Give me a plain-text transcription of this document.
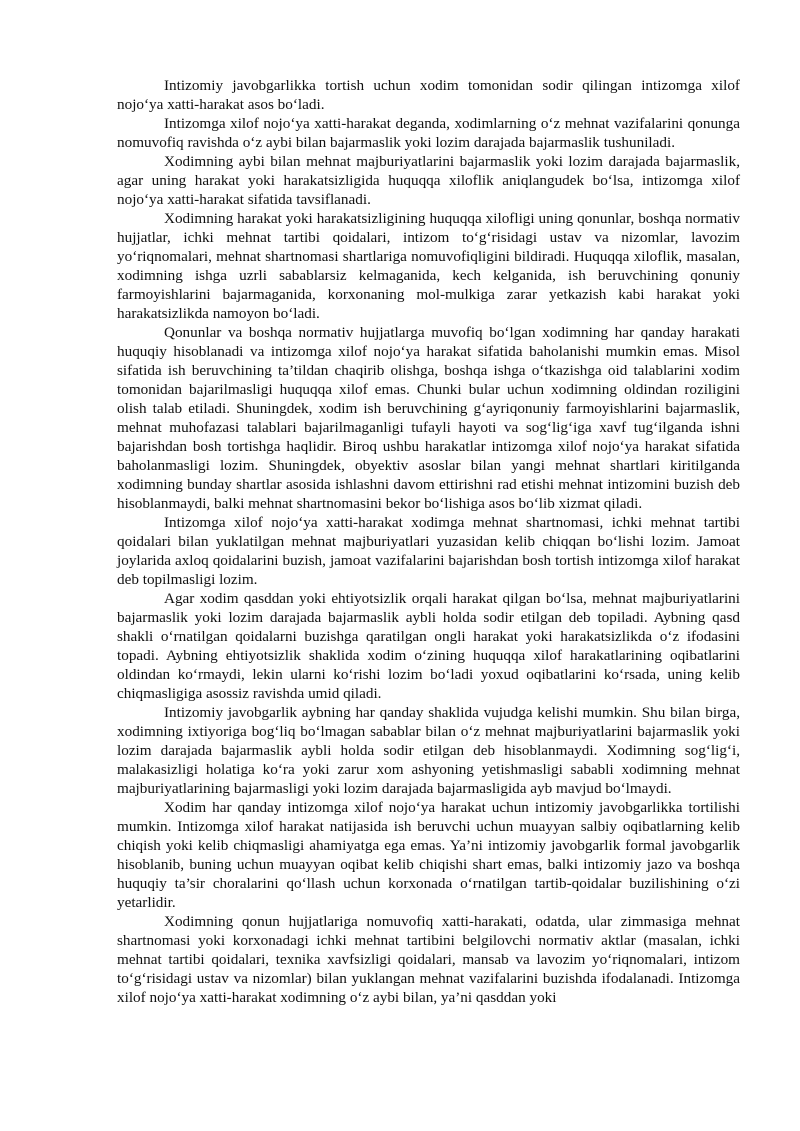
Intizomiy javobgarlikka tortish uchun xodim tomonidan sodir qilingan intizomga xilof nojo‘ya xatti-harakat asos bo‘ladi.

Intizomga xilof nojo‘ya xatti-harakat deganda, xodimlarning o‘z mehnat vazifalarini qonunga nomuvofiq ravishda o‘z aybi bilan bajarmaslik yoki lozim darajada bajarmaslik tushuniladi.

Xodimning aybi bilan mehnat majburiyatlarini bajarmaslik yoki lozim darajada bajarmaslik, agar uning harakat yoki harakatsizligida huquqqa xiloflik aniqlangudek bo‘lsa, intizomga xilof nojo‘ya xatti-harakat sifatida tavsiflanadi.

Xodimning harakat yoki harakatsizligining huquqqa xilofligi uning qonunlar, boshqa normativ hujjatlar, ichki mehnat tartibi qoidalari, intizom to‘g‘risidagi ustav va nizomlar, lavozim yo‘riqnomalari, mehnat shartnomasi shartlariga nomuvofiqligini bildiradi. Huquqqa xiloflik, masalan, xodimning ishga uzrli sabablarsiz kelmaganida, kech kelganida, ish beruvchining qonuniy farmoyishlarini bajarmaganida, korxonaning mol-mulkiga zarar yetkazish kabi harakat yoki harakatsizlikda namoyon bo‘ladi.

Qonunlar va boshqa normativ hujjatlarga muvofiq bo‘lgan xodimning har qanday harakati huquqiy hisoblanadi va intizomga xilof nojo‘ya harakat sifatida baholanishi mumkin emas. Misol sifatida ish beruvchining ta’tildan chaqirib olishga, boshqa ishga o‘tkazishga oid talablarini xodim tomonidan bajarilmasligi huquqqa xilof emas. Chunki bular uchun xodimning oldindan roziligini olish talab etiladi. Shuningdek, xodim ish beruvchining g‘ayriqonuniy farmoyishlarini bajarmaslik, mehnat muhofazasi talablari bajarilmaganligi tufayli hayoti va sog‘lig‘iga xavf tug‘ilganda ishni bajarishdan bosh tortishga haqlidir. Biroq ushbu harakatlar intizomga xilof nojo‘ya harakat sifatida baholanmasligi lozim. Shuningdek, obyektiv asoslar bilan yangi mehnat shartlari kiritilganda xodimning bunday shartlar asosida ishlashni davom ettirishni rad etishi mehnat intizomini buzish deb hisoblanmaydi, balki mehnat shartnomasini bekor bo‘lishiga asos bo‘lib xizmat qiladi.

Intizomga xilof nojo‘ya xatti-harakat xodimga mehnat shartnomasi, ichki mehnat tartibi qoidalari bilan yuklatilgan mehnat majburiyatlari yuzasidan kelib chiqqan bo‘lishi lozim. Jamoat joylarida axloq qoidalarini buzish, jamoat vazifalarini bajarishdan bosh tortish intizomga xilof harakat deb topilmasligi lozim.

Agar xodim qasddan yoki ehtiyotsizlik orqali harakat qilgan bo‘lsa, mehnat majburiyatlarini bajarmaslik yoki lozim darajada bajarmaslik aybli holda sodir etilgan deb topiladi. Aybning qasd shakli o‘rnatilgan qoidalarni buzishga qaratilgan ongli harakat yoki harakatsizlikda o‘z ifodasini topadi. Aybning ehtiyotsizlik shaklida xodim o‘zining huquqqa xilof harakatlarining oqibatlarini oldindan ko‘rmaydi, lekin ularni ko‘rishi lozim bo‘ladi yoxud oqibatlarini ko‘rsada, uning kelib chiqmasligiga asossiz ravishda umid qiladi.

Intizomiy javobgarlik aybning har qanday shaklida vujudga kelishi mumkin. Shu bilan birga, xodimning ixtiyoriga bog‘liq bo‘lmagan sabablar bilan o‘z mehnat majburiyatlarini bajarmaslik yoki lozim darajada bajarmaslik aybli holda sodir etilgan deb hisoblanmaydi. Xodimning sog‘lig‘i, malakasizligi holatiga ko‘ra yoki zarur xom ashyoning yetishmasligi sababli xodimning mehnat majburiyatlarining bajarmasligi yoki lozim darajada bajarmasligida ayb mavjud bo‘lmaydi.

Xodim har qanday intizomga xilof nojo‘ya harakat uchun intizomiy javobgarlikka tortilishi mumkin. Intizomga xilof harakat natijasida ish beruvchi uchun muayyan salbiy oqibatlarning kelib chiqish yoki kelib chiqmasligi ahamiyatga ega emas. Ya’ni intizomiy javobgarlik formal javobgarlik hisoblanib, buning uchun muayyan oqibat kelib chiqishi shart emas, balki intizomiy jazo va boshqa huquqiy ta’sir choralarini qo‘llash uchun korxonada o‘rnatilgan tartib-qoidalar buzilishining o‘zi yetarlidir.

Xodimning qonun hujjatlariga nomuvofiq xatti-harakati, odatda, ular zimmasiga mehnat shartnomasi yoki korxonadagi ichki mehnat tartibini belgilovchi normativ aktlar (masalan, ichki mehnat tartibi qoidalari, texnika xavfsizligi qoidalari, mansab va lavozim yo‘riqnomalari, intizom to‘g‘risidagi ustav va nizomlar) bilan yuklangan mehnat vazifalarini buzishda ifodalanadi. Intizomga xilof nojo‘ya xatti-harakat xodimning o‘z aybi bilan, ya’ni qasddan yoki
